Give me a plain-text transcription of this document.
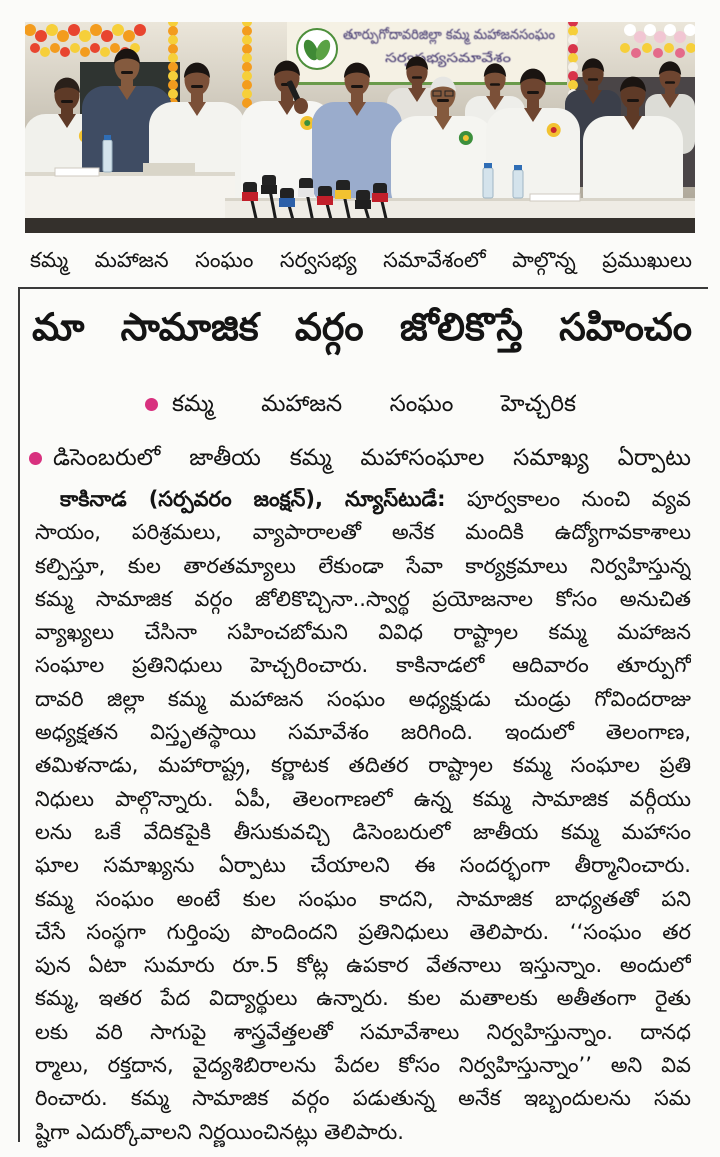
తూర్పుగోదావరిజిల్లా కమ్మ మహాజనసంఘం
సర్వసభ్యసమావేశం
కమ్మ మహాజన సంఘం సర్వసభ్య సమావేశంలో పాల్గొన్న ప్రముఖులు
మా సామాజిక వర్గం జోలికొస్తే సహించం
కమ్మ మహాజన సంఘం హెచ్చరిక
డిసెంబరులో జాతీయ కమ్మ మహాసంఘాల సమాఖ్య ఏర్పాటు
కాకినాడ (సర్పవరం జంక్షన్), న్యూస్‌టుడే: పూర్వకాలం నుంచి వ్యవ
సాయం, పరిశ్రమలు, వ్యాపారాలతో అనేక మందికి ఉద్యోగావకాశాలు
కల్పిస్తూ, కుల తారతమ్యాలు లేకుండా సేవా కార్యక్రమాలు నిర్వహిస్తున్న
కమ్మ సామాజిక వర్గం జోలికొచ్చినా..స్వార్థ ప్రయోజనాల కోసం అనుచిత
వ్యాఖ్యలు చేసినా సహించబోమని వివిధ రాష్ట్రాల కమ్మ మహాజన
సంఘాల ప్రతినిధులు హెచ్చరించారు. కాకినాడలో ఆదివారం తూర్పుగో
దావరి జిల్లా కమ్మ మహాజన సంఘం అధ్యక్షుడు చుండ్రు గోవిందరాజు
అధ్యక్షతన విస్తృతస్థాయి సమావేశం జరిగింది. ఇందులో తెలంగాణ,
తమిళనాడు, మహారాష్ట్ర, కర్ణాటక తదితర రాష్ట్రాల కమ్మ సంఘాల ప్రతి
నిధులు పాల్గొన్నారు. ఏపీ, తెలంగాణలో ఉన్న కమ్మ సామాజిక వర్గీయు
లను ఒకే వేదికపైకి తీసుకువచ్చి డిసెంబరులో జాతీయ కమ్మ మహాసం
ఘాల సమాఖ్యను ఏర్పాటు చేయాలని ఈ సందర్భంగా తీర్మానించారు.
కమ్మ సంఘం అంటే కుల సంఘం కాదని, సామాజిక బాధ్యతతో పని
చేసే సంస్థగా గుర్తింపు పొందిందని ప్రతినిధులు తెలిపారు. ‘‘సంఘం తర
పున ఏటా సుమారు రూ.5 కోట్ల ఉపకార వేతనాలు ఇస్తున్నాం. అందులో
కమ్మ, ఇతర పేద విద్యార్థులు ఉన్నారు. కుల మతాలకు అతీతంగా రైతు
లకు వరి సాగుపై శాస్త్రవేత్తలతో సమావేశాలు నిర్వహిస్తున్నాం. దానధ
ర్మాలు, రక్తదాన, వైద్యశిబిరాలను పేదల కోసం నిర్వహిస్తున్నాం’’ అని వివ
రించారు. కమ్మ సామాజిక వర్గం పడుతున్న అనేక ఇబ్బందులను సమ
ష్టిగా ఎదుర్కోవాలని నిర్ణయించినట్లు తెలిపారు.
